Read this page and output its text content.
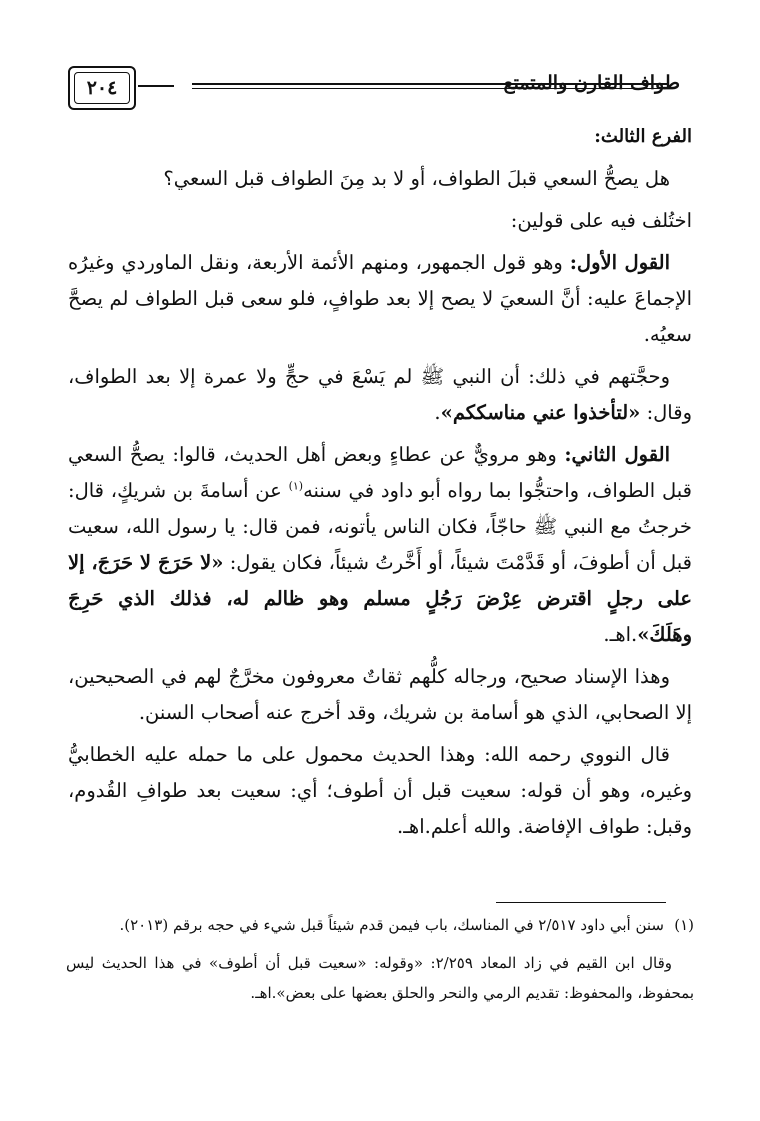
٢٠٤	طواف القارن والمتمتع

الفرع الثالث:

هل يصحُّ السعي قبلَ الطواف، أو لا بد مِنَ الطواف قبل السعي؟

اختُلف فيه على قولين:

القول الأول: وهو قول الجمهور، ومنهم الأئمة الأربعة، ونقل الماوردي وغيرُه الإجماعَ عليه: أنَّ السعيَ لا يصح إلا بعد طوافٍ، فلو سعى قبل الطواف لم يصحَّ سعيُه.

وحجَّتهم في ذلك: أن النبي ﷺ لم يَسْعَ في حجٍّ ولا عمرة إلا بعد الطواف، وقال: «لتأخذوا عني مناسككم».

القول الثاني: وهو مرويٌّ عن عطاءٍ وبعض أهل الحديث، قالوا: يصحُّ السعي قبل الطواف، واحتجُّوا بما رواه أبو داود في سننه$^{(١)}$ عن أسامةَ بن شريكٍ، قال: خرجتُ مع النبي ﷺ حاجّاً، فكان الناس يأتونه، فمن قال: يا رسول الله، سعيت قبل أن أطوفَ، أو قَدَّمْتَ شيئاً، أو أَخَّرتُ شيئاً، فكان يقول: «لا حَرَجَ لا حَرَجَ، إلا على رجلٍ اقترض عِرْضَ رَجُلٍ مسلم وهو ظالم له، فذلك الذي حَرِجَ وهَلَكَ».اهـ.

وهذا الإسناد صحيح، ورجاله كلُّهم ثقاتٌ معروفون مخرَّجٌ لهم في الصحيحين، إلا الصحابي، الذي هو أسامة بن شريك، وقد أخرج عنه أصحاب السنن.

قال النووي رحمه الله: وهذا الحديث محمول على ما حمله عليه الخطابيُّ وغيره، وهو أن قوله: سعيت قبل أن أطوف؛ أي: سعيت بعد طوافِ القُدوم، وقبل: طواف الإفاضة. والله أعلم.اهـ.

(١)سنن أبي داود ٢/٥١٧ في المناسك، باب فيمن قدم شيئاً قبل شيء في حجه برقم (٢٠١٣).

وقال ابن القيم في زاد المعاد ٢/٢٥٩: «وقوله: «سعيت قبل أن أطوف» في هذا الحديث ليس بمحفوظ، والمحفوظ: تقديم الرمي والنحر والحلق بعضها على بعض».اهـ.
